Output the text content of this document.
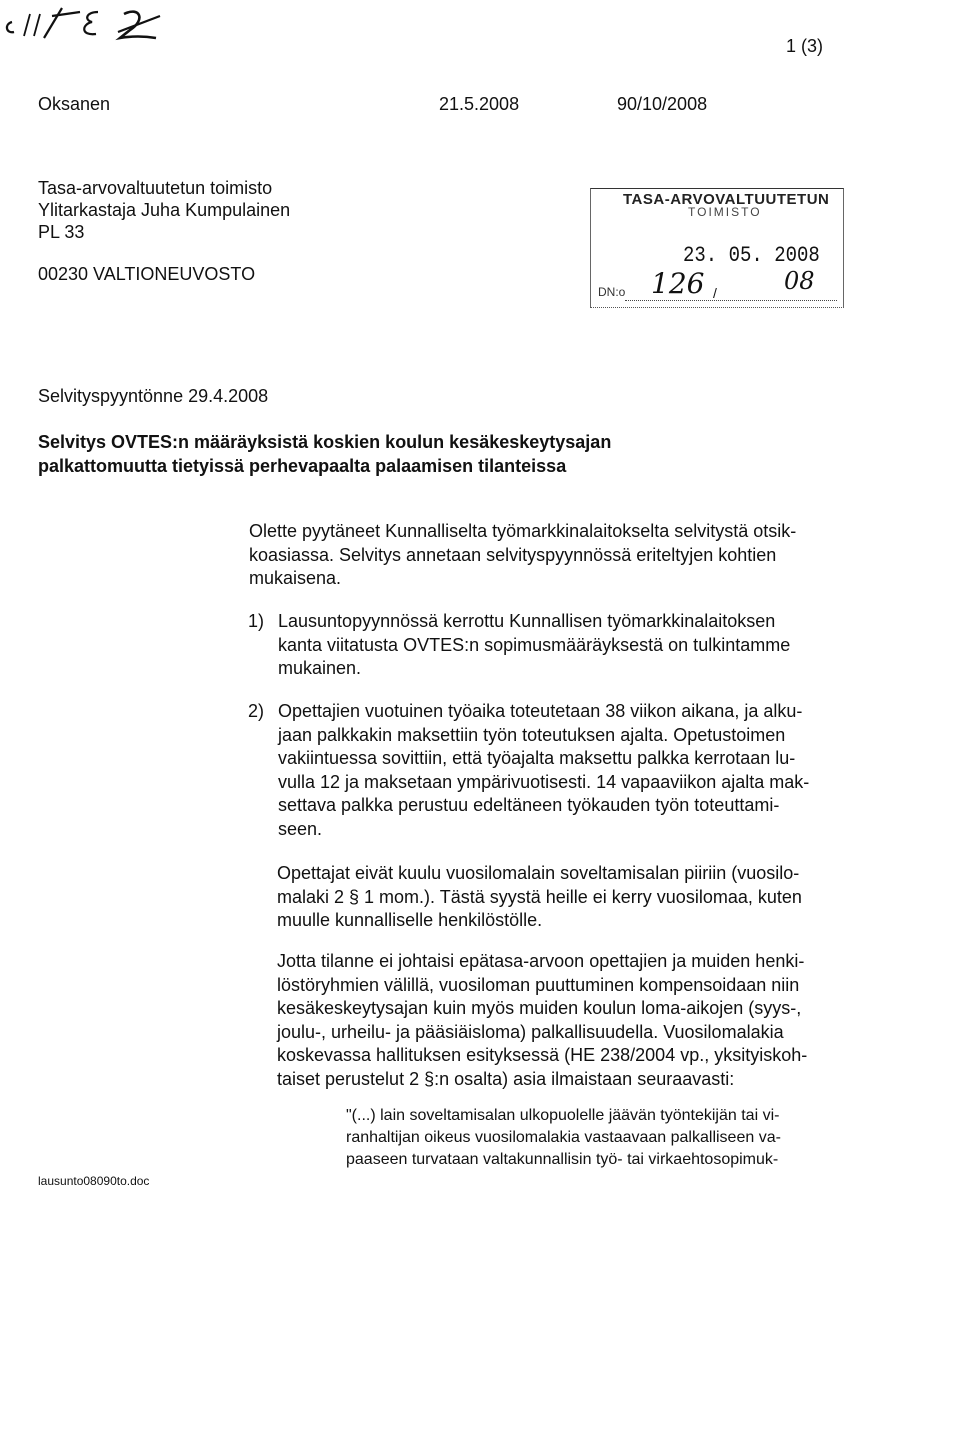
1 (3)
Oksanen	21.5.2008	90/10/2008
Tasa-arvovaltuutetun toimisto
Ylitarkastaja Juha Kumpulainen
PL 33
00230 VALTIONEUVOSTO
TASA-ARVOVALTUUTETUN
TOIMISTO
23. 05. 2008
DN:o 126 /	08
Selvityspyyntönne 29.4.2008
Selvitys OVTES:n määräyksistä koskien koulun kesäkeskeytysajan
palkattomuutta tietyissä perhevapaalta palaamisen tilanteissa
Olette pyytäneet Kunnalliselta työmarkkinalaitokselta selvitystä otsik-
koasiassa. Selvitys annetaan selvityspyynnössä eriteltyjen kohtien
mukaisena.
1) Lausuntopyynnössä kerrottu Kunnallisen työmarkkinalaitoksen
kanta viitatusta OVTES:n sopimusmääräyksestä on tulkintamme
mukainen.
2) Opettajien vuotuinen työaika toteutetaan 38 viikon aikana, ja alku-
jaan palkkakin maksettiin työn toteutuksen ajalta. Opetustoimen
vakiintuessa sovittiin, että työajalta maksettu palkka kerrotaan lu-
vulla 12 ja maksetaan ympärivuotisesti. 14 vapaaviikon ajalta mak-
settava palkka perustuu edeltäneen työkauden työn toteuttami-
seen.
Opettajat eivät kuulu vuosilomalain soveltamisalan piiriin (vuosilo-
malaki 2 § 1 mom.). Tästä syystä heille ei kerry vuosilomaa, kuten
muulle kunnalliselle henkilöstölle.
Jotta tilanne ei johtaisi epätasa-arvoon opettajien ja muiden henki-
löstöryhmien välillä, vuosiloman puuttuminen kompensoidaan niin
kesäkeskeytysajan kuin myös muiden koulun loma-aikojen (syys-,
joulu-, urheilu- ja pääsiäisloma) palkallisuudella. Vuosilomalakia
koskevassa hallituksen esityksessä (HE 238/2004 vp., yksityiskoh-
taiset perustelut 2 §:n osalta) asia ilmaistaan seuraavasti:
"(...) lain soveltamisalan ulkopuolelle jäävän työntekijän tai vi-
ranhaltijan oikeus vuosilomalakia vastaavaan palkalliseen va-
paaseen turvataan valtakunnallisin työ- tai virkaehtosopimuk-
lausunto08090to.doc
